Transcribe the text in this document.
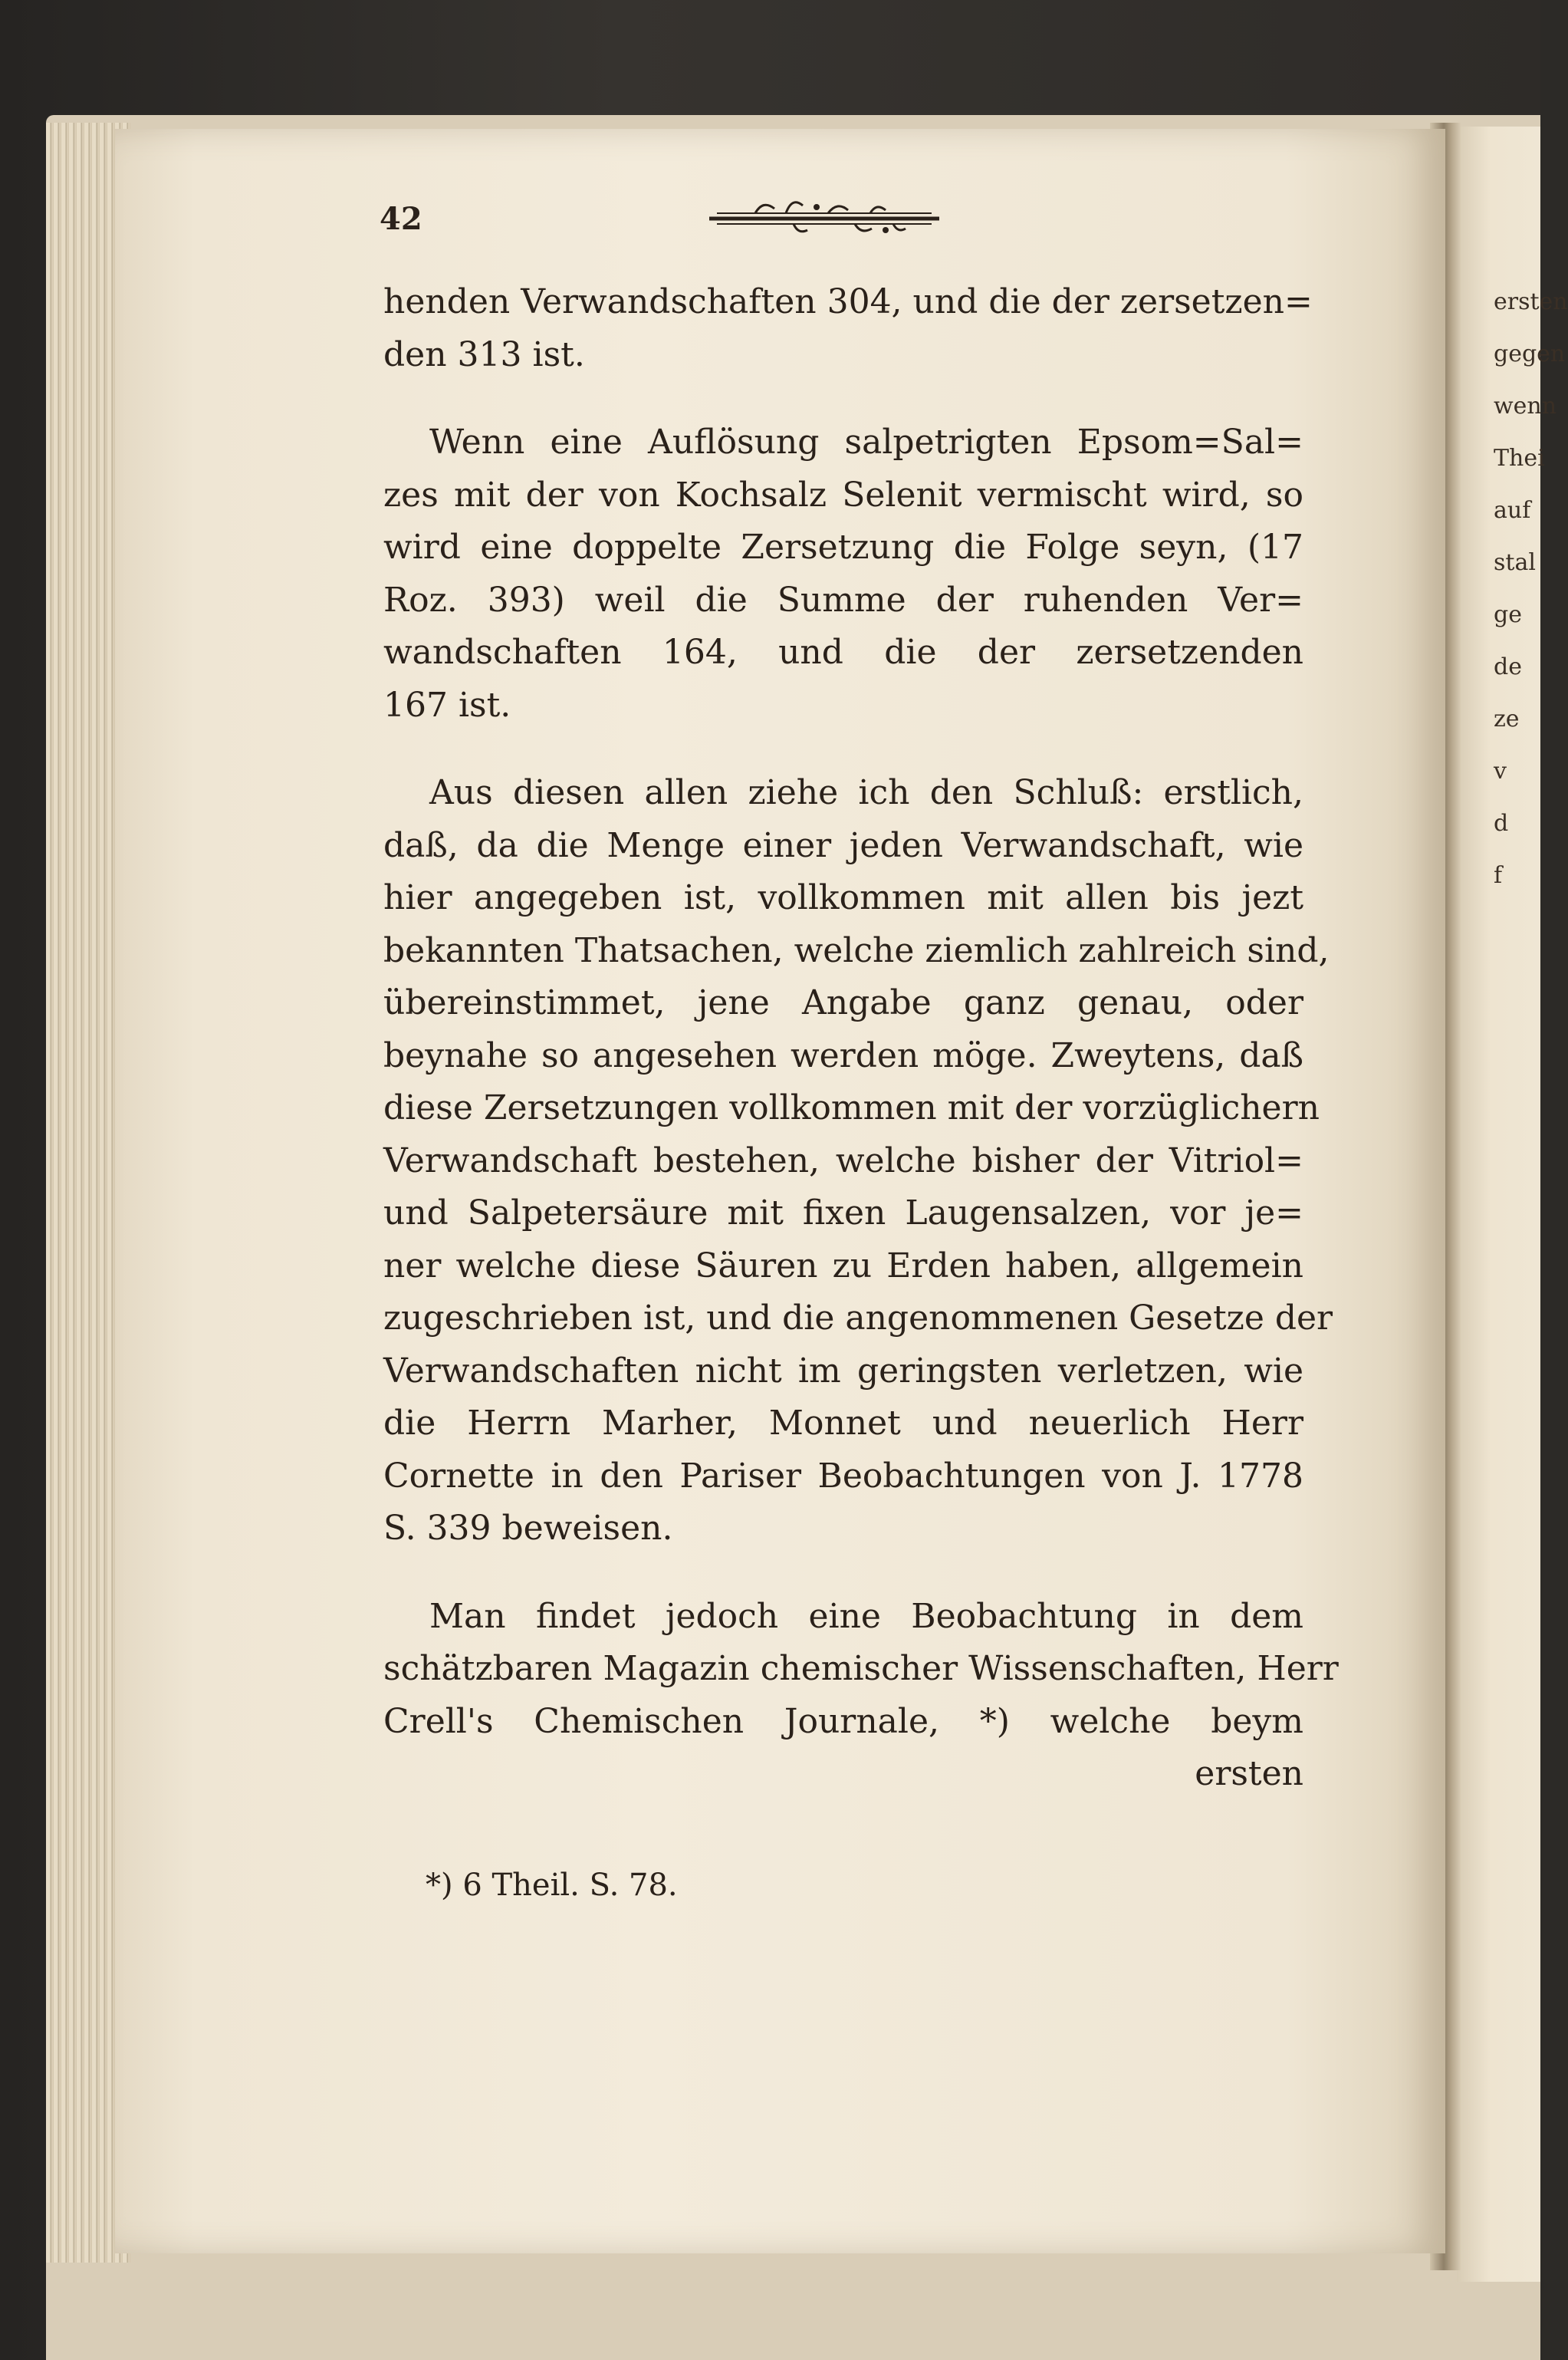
42
henden Verwandschaften 304, und die der zersetzen=
den 313 ist.
Wenn eine Auflösung salpetrigten Epsom=Sal=
zes mit der von Kochsalz Selenit vermischt wird, so
wird eine doppelte Zersetzung die Folge seyn, (17
Roz. 393) weil die Summe der ruhenden Ver=
wandschaften 164, und die der zersetzenden
167 ist.
Aus diesen allen ziehe ich den Schluß: erstlich,
daß, da die Menge einer jeden Verwandschaft, wie
hier angegeben ist, vollkommen mit allen bis jezt
bekannten Thatsachen, welche ziemlich zahlreich sind,
übereinstimmet, jene Angabe ganz genau, oder
beynahe so angesehen werden möge. Zweytens, daß
diese Zersetzungen vollkommen mit der vorzüglichern
Verwandschaft bestehen, welche bisher der Vitriol=
und Salpetersäure mit fixen Laugensalzen, vor je=
ner welche diese Säuren zu Erden haben, allgemein
zugeschrieben ist, und die angenommenen Gesetze der
Verwandschaften nicht im geringsten verletzen, wie
die Herrn Marher, Monnet und neuerlich Herr
Cornette in den Pariser Beobachtungen von J. 1778
S. 339 beweisen.
Man findet jedoch eine Beobachtung in dem
schätzbaren Magazin chemischer Wissenschaften, Herr
Crell's Chemischen Journale, *) welche beym
ersten
*) 6 Theil. S. 78.
ersten
gegen
wenn
Thei
auf
stal
ge
de
ze
v
d
f
